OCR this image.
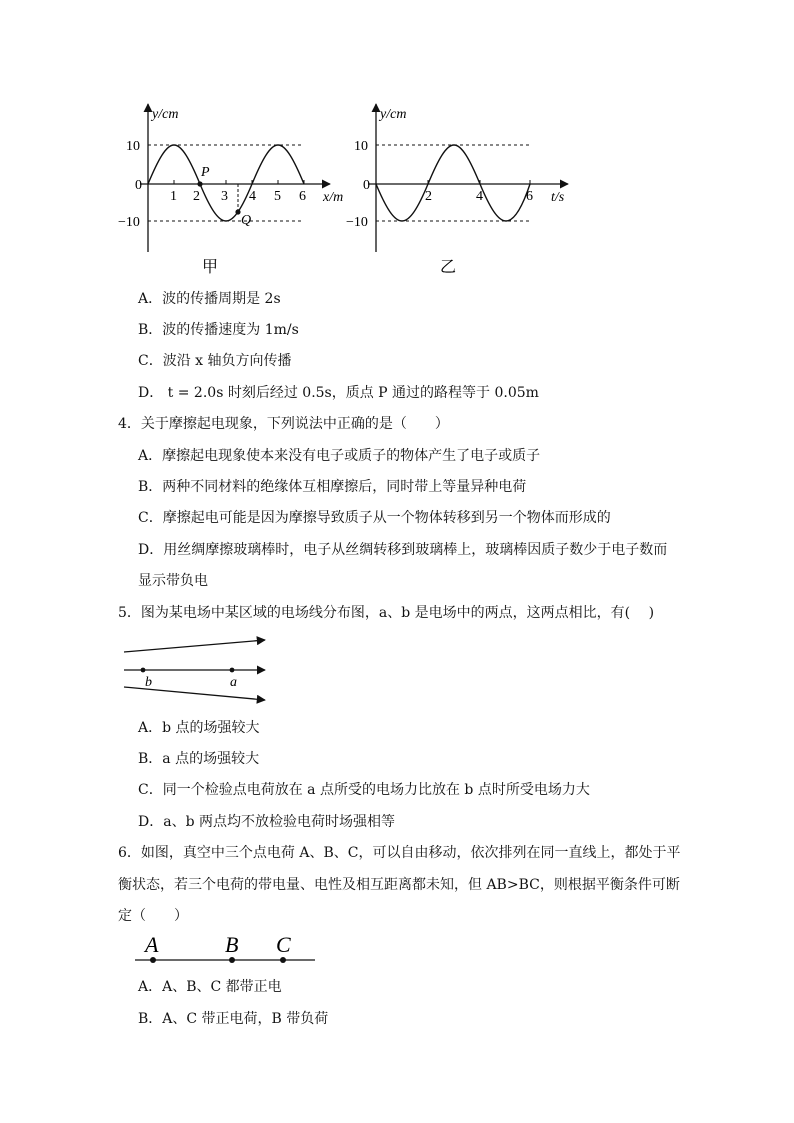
y/cm
10
0
−10
1 2 3 4 5 6 x/m
P
Q
甲
y/cm
10
0
−10
2	4	6 t/s
乙
A．波的传播周期是 2s
B．波的传播速度为 1m/s
C．波沿 x 轴负方向传播
D． t = 2.0s 时刻后经过 0.5s，质点 P 通过的路程等于 0.05m
4．关于摩擦起电现象，下列说法中正确的是（　　）
A．摩擦起电现象使本来没有电子或质子的物体产生了电子或质子
B．两种不同材料的绝缘体互相摩擦后，同时带上等量异种电荷
C．摩擦起电可能是因为摩擦导致质子从一个物体转移到另一个物体而形成的
D．用丝绸摩擦玻璃棒时，电子从丝绸转移到玻璃棒上，玻璃棒因质子数少于电子数而
显示带负电
5．图为某电场中某区域的电场线分布图，a、b 是电场中的两点，这两点相比，有(　 )
b	a
A．b 点的场强较大
B．a 点的场强较大
C．同一个检验点电荷放在 a 点所受的电场力比放在 b 点时所受电场力大
D．a、b 两点均不放检验电荷时场强相等
6．如图，真空中三个点电荷 A、B、C，可以自由移动，依次排列在同一直线上，都处于平
衡状态，若三个电荷的带电量、电性及相互距离都未知，但 AB>BC，则根据平衡条件可断
定（　　）
A	B C
A．A、B、C 都带正电
B．A、C 带正电荷，B 带负荷
